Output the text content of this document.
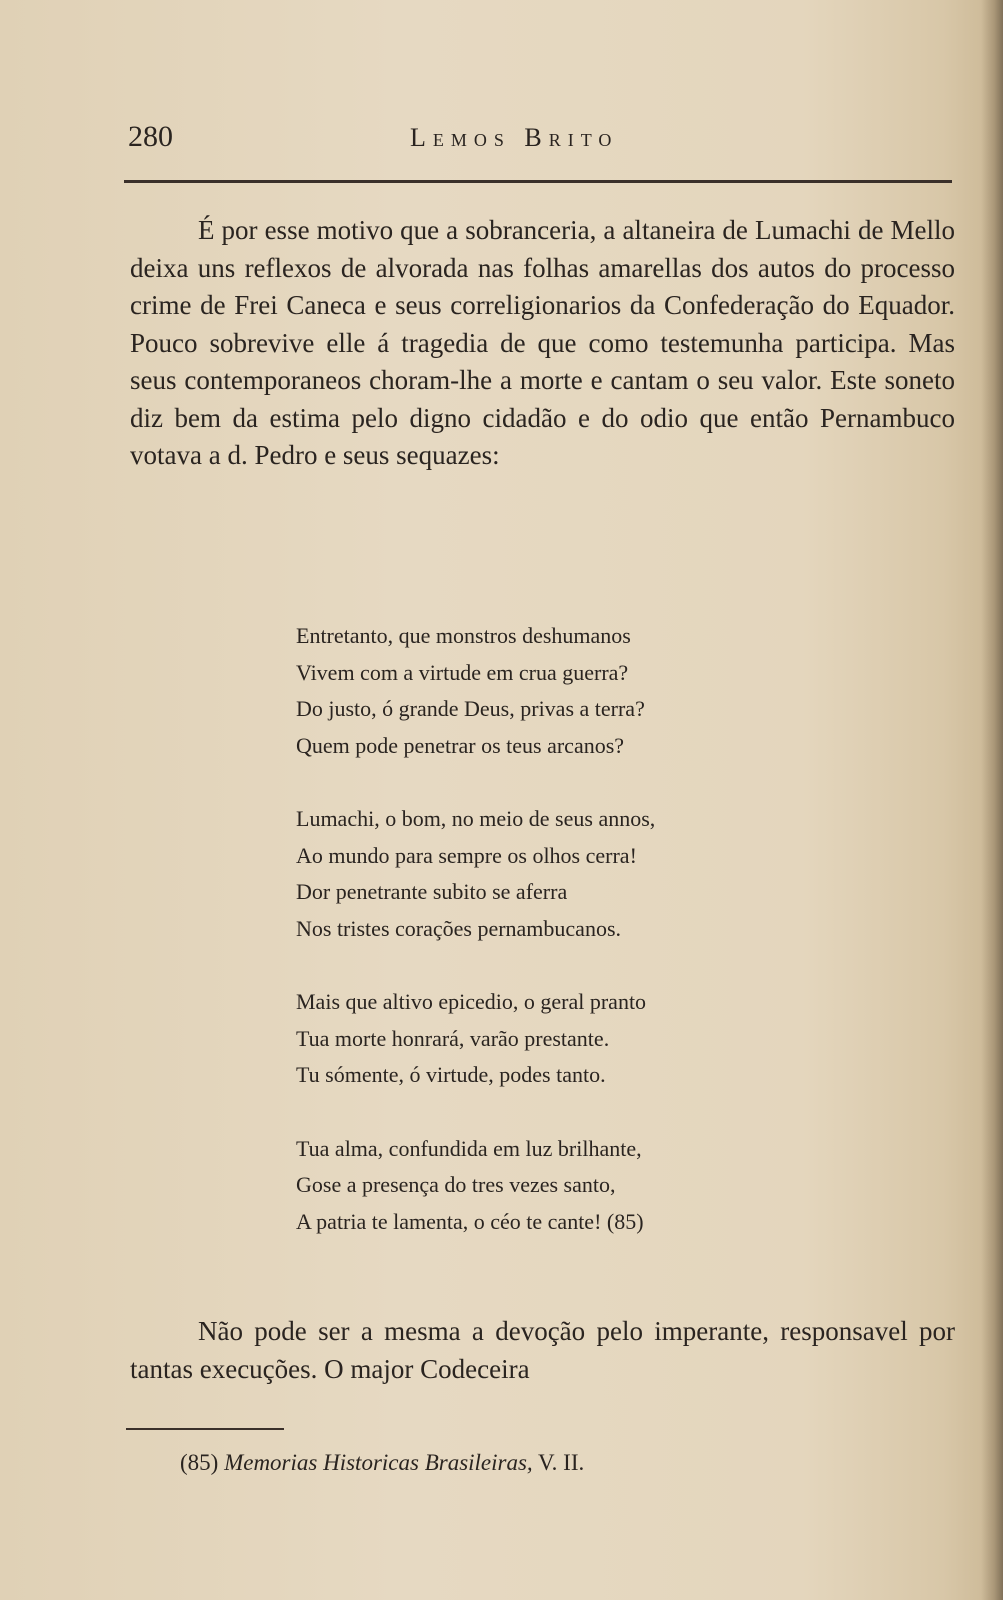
280	Lemos Brito

É por esse motivo que a sobranceria, a altaneira de Lumachi de Mello deixa uns reflexos de alvorada nas folhas amarellas dos autos do processo crime de Frei Caneca e seus correligionarios da Confederação do Equador. Pouco sobrevive elle á tragedia de que como testemunha participa. Mas seus contemporaneos choram-lhe a morte e cantam o seu valor. Este soneto diz bem da estima pelo digno cidadão e do odio que então Pernambuco votava a d. Pedro e seus sequazes:

Entretanto, que monstros deshumanos
Vivem com a virtude em crua guerra?
Do justo, ó grande Deus, privas a terra?
Quem pode penetrar os teus arcanos?
Lumachi, o bom, no meio de seus annos,
Ao mundo para sempre os olhos cerra!
Dor penetrante subito se aferra
Nos tristes corações pernambucanos.
Mais que altivo epicedio, o geral pranto
Tua morte honrará, varão prestante.
Tu sómente, ó virtude, podes tanto.
Tua alma, confundida em luz brilhante,
Gose a presença do tres vezes santo,
A patria te lamenta, o céo te cante! (85)

Não pode ser a mesma a devoção pelo imperante, responsavel por tantas execuções. O major Codeceira

(85) Memorias Historicas Brasileiras, V. II.
